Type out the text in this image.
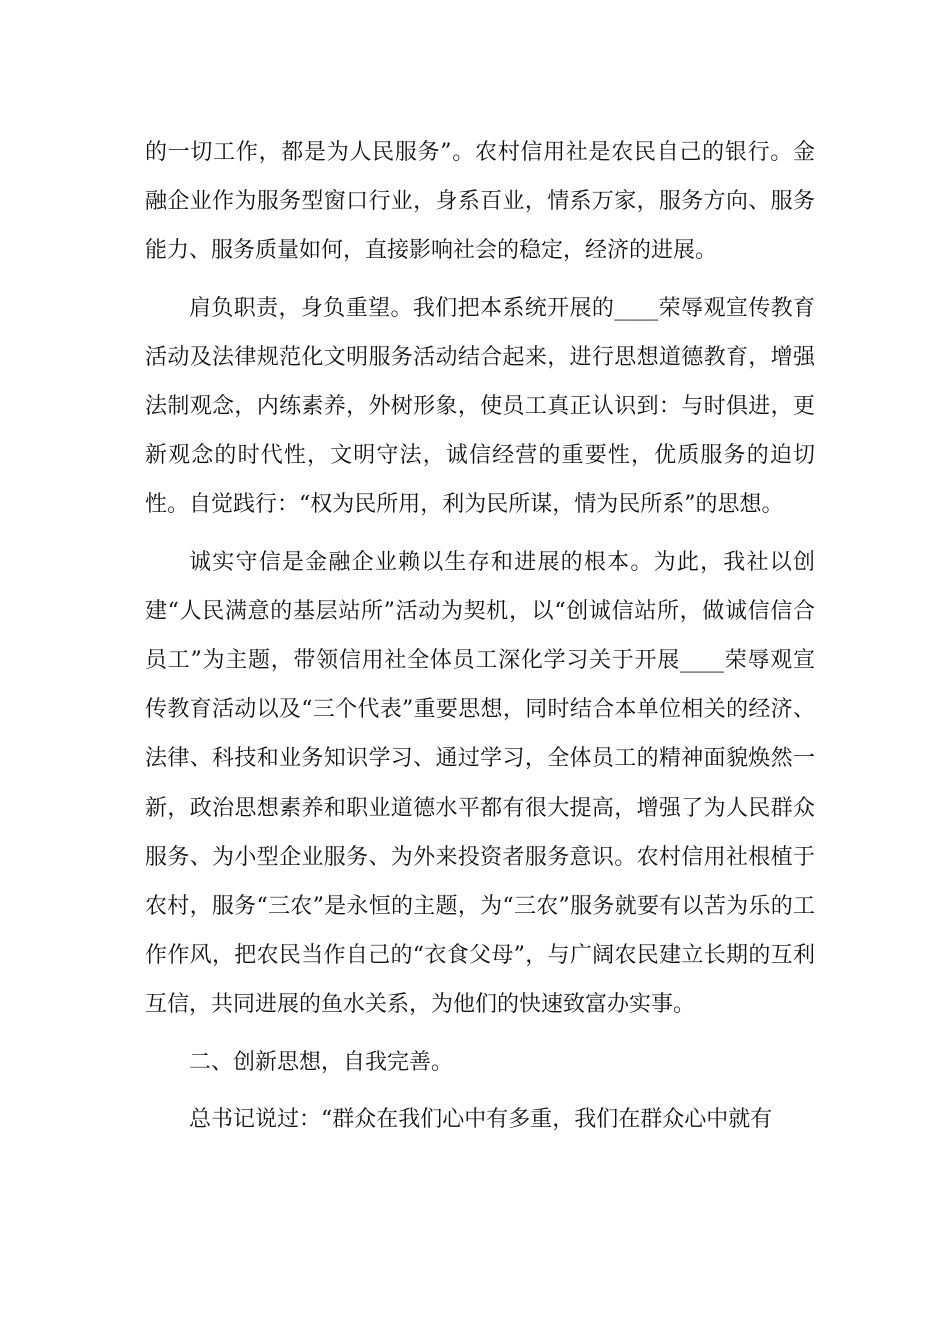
的一切工作，都是为人民服务”。农村信用社是农民自己的银行。金融企业作为服务型窗口行业，身系百业，情系万家，服务方向、服务能力、服务质量如何，直接影响社会的稳定，经济的进展。

肩负职责，身负重望。我们把本系统开展的____荣辱观宣传教育活动及法律规范化文明服务活动结合起来，进行思想道德教育，增强法制观念，内练素养，外树形象，使员工真正认识到：与时俱进，更新观念的时代性，文明守法，诚信经营的重要性，优质服务的迫切性。自觉践行：“权为民所用，利为民所谋，情为民所系”的思想。

诚实守信是金融企业赖以生存和进展的根本。为此，我社以创建“人民满意的基层站所”活动为契机，以“创诚信站所，做诚信信合员工”为主题，带领信用社全体员工深化学习关于开展____荣辱观宣传教育活动以及“三个代表”重要思想，同时结合本单位相关的经济、法律、科技和业务知识学习、通过学习，全体员工的精神面貌焕然一新，政治思想素养和职业道德水平都有很大提高，增强了为人民群众服务、为小型企业服务、为外来投资者服务意识。农村信用社根植于农村，服务“三农”是永恒的主题，为“三农”服务就要有以苦为乐的工作作风，把农民当作自己的“衣食父母”，与广阔农民建立长期的互利互信，共同进展的鱼水关系，为他们的快速致富办实事。

二、创新思想，自我完善。

总书记说过：“群众在我们心中有多重，我们在群众心中就有
